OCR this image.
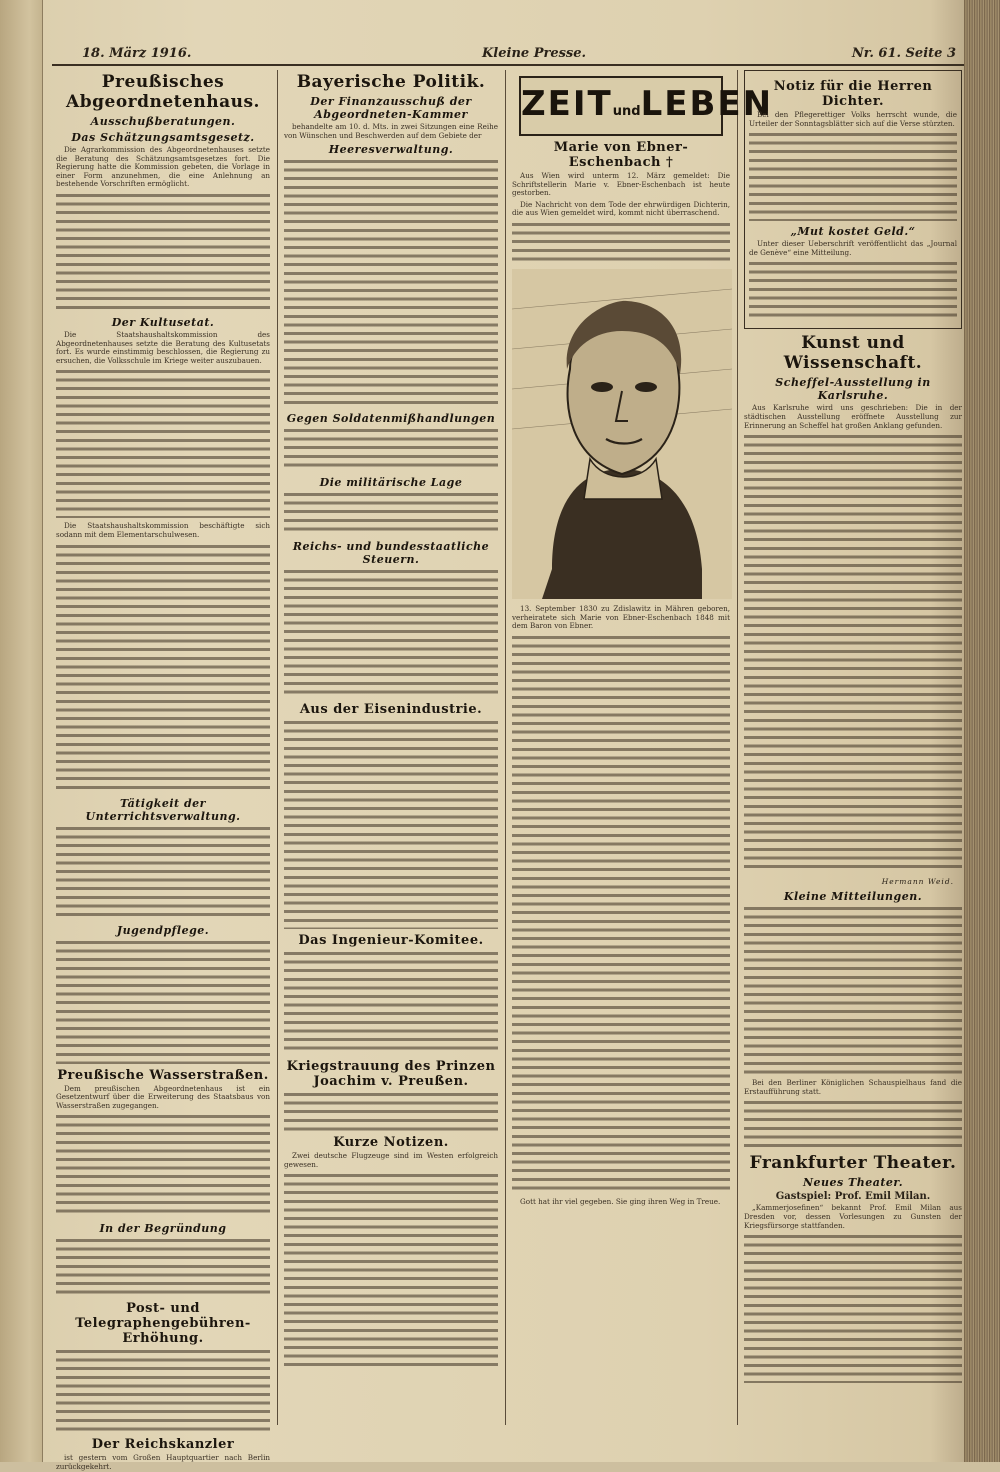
18. März 1916.	Kleine Presse.	Nr. 61. Seite 3
Preußisches Abgeordnetenhaus.
Ausschußberatungen.
Das Schätzungsamtsgesetz.

Die Agrarkommission des Abgeordnetenhauses setzte die Beratung des Schätzungsamtsgesetzes fort. Die Regierung hatte die Kommission gebeten, die Vorlage in einer Form anzunehmen, die eine Anlehnung an bestehende Vorschriften ermöglicht.

Der Kultusetat.

Die Staatshaushaltskommission des Abgeordnetenhauses setzte die Beratung des Kultusetats fort. Es wurde einstimmig beschlossen, die Regierung zu ersuchen, die Volksschule im Kriege weiter auszubauen.

Die Staatshaushaltskommission beschäftigte sich sodann mit dem Elementarschulwesen.

Tätigkeit der Unterrichtsverwaltung.
Jugendpflege.
Preußische Wasserstraßen.

Dem preußischen Abgeordnetenhaus ist ein Gesetzentwurf über die Erweiterung des Staatsbaus von Wasserstraßen zugegangen.

In der Begründung
Post- und Telegraphengebühren-Erhöhung.
Der Reichskanzler

ist gestern vom Großen Hauptquartier nach Berlin zurückgekehrt.

Bayerische Politik.
Der Finanzausschuß der Abgeordneten-Kammer

behandelte am 10. d. Mts. in zwei Sitzungen eine Reihe von Wünschen und Beschwerden auf dem Gebiete der

Heeresverwaltung.
Gegen Soldatenmißhandlungen
Die militärische Lage
Reichs- und bundesstaatliche Steuern.
Aus der Eisenindustrie.
Das Ingenieur-Komitee.
Kriegstrauung des Prinzen Joachim v. Preußen.
Kurze Notizen.

Zwei deutsche Flugzeuge sind im Westen erfolgreich gewesen.

ZEITundLEBEN
Marie von Ebner-Eschenbach †

Aus Wien wird unterm 12. März gemeldet: Die Schriftstellerin Marie v. Ebner-Eschenbach ist heute gestorben.

Die Nachricht von dem Tode der ehrwürdigen Dichterin, die aus Wien gemeldet wird, kommt nicht überraschend.

13. September 1830 zu Zdislawitz in Mähren geboren, verheiratete sich Marie von Ebner-Eschenbach 1848 mit dem Baron von Ebner.

Gott hat ihr viel gegeben. Sie ging ihren Weg in Treue.

Notiz für die Herren Dichter.

Bei den Pflegerettiger Volks herrscht wunde, die Urteiler der Sonntagsblätter sich auf die Verse stürzten.

„Mut kostet Geld.“

Unter dieser Ueberschrift veröffentlicht das „Journal de Genève“ eine Mitteilung.

Kunst und Wissenschaft.
Scheffel-Ausstellung in Karlsruhe.

Aus Karlsruhe wird uns geschrieben: Die in der städtischen Ausstellung eröffnete Ausstellung zur Erinnerung an Scheffel hat großen Anklang gefunden.

Hermann Weid.
Kleine Mitteilungen.

Bei den Berliner Königlichen Schauspielhaus fand die Erstaufführung statt.

Frankfurter Theater.
Neues Theater.
Gastspiel: Prof. Emil Milan.

„Kammerjosefinen“ bekannt Prof. Emil Milan aus Dresden vor, dessen Vorlesungen zu Gunsten der Kriegsfürsorge stattfanden.
